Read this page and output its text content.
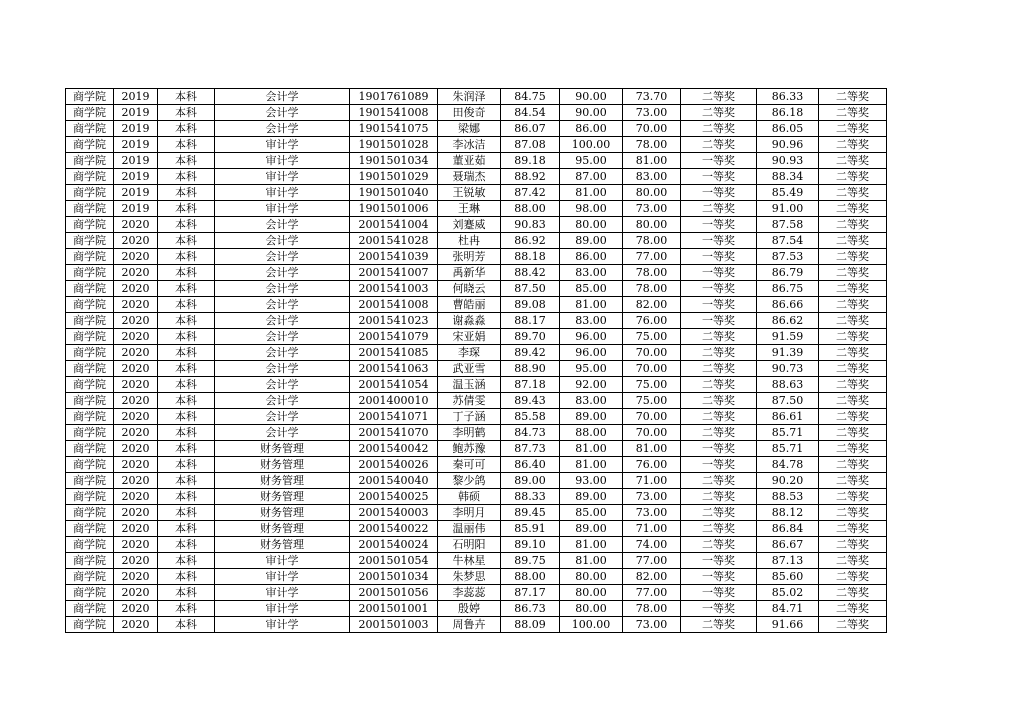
商学院	2019	本科	会计学	1901761089	朱润泽	84.75	90.00	73.70	二等奖	86.33	二等奖
商学院	2019	本科	会计学	1901541008	田俊奇	84.54	90.00	73.00	二等奖	86.18	二等奖
商学院	2019	本科	会计学	1901541075	梁娜	86.07	86.00	70.00	二等奖	86.05	二等奖
商学院	2019	本科	审计学	1901501028	李冰洁	87.08	100.00	78.00	二等奖	90.96	二等奖
商学院	2019	本科	审计学	1901501034	董亚茹	89.18	95.00	81.00	一等奖	90.93	二等奖
商学院	2019	本科	审计学	1901501029	聂瑞杰	88.92	87.00	83.00	一等奖	88.34	二等奖
商学院	2019	本科	审计学	1901501040	王锐敏	87.42	81.00	80.00	一等奖	85.49	二等奖
商学院	2019	本科	审计学	1901501006	王琳	88.00	98.00	73.00	二等奖	91.00	二等奖
商学院	2020	本科	会计学	2001541004	刘蹇威	90.83	80.00	80.00	一等奖	87.58	二等奖
商学院	2020	本科	会计学	2001541028	杜冉	86.92	89.00	78.00	一等奖	87.54	二等奖
商学院	2020	本科	会计学	2001541039	张明芳	88.18	86.00	77.00	一等奖	87.53	二等奖
商学院	2020	本科	会计学	2001541007	禹新华	88.42	83.00	78.00	一等奖	86.79	二等奖
商学院	2020	本科	会计学	2001541003	何晓云	87.50	85.00	78.00	一等奖	86.75	二等奖
商学院	2020	本科	会计学	2001541008	曹皓丽	89.08	81.00	82.00	一等奖	86.66	二等奖
商学院	2020	本科	会计学	2001541023	谢淼淼	88.17	83.00	76.00	一等奖	86.62	二等奖
商学院	2020	本科	会计学	2001541079	宋亚娟	89.70	96.00	75.00	二等奖	91.59	二等奖
商学院	2020	本科	会计学	2001541085	李琛	89.42	96.00	70.00	二等奖	91.39	二等奖
商学院	2020	本科	会计学	2001541063	武亚雪	88.90	95.00	70.00	二等奖	90.73	二等奖
商学院	2020	本科	会计学	2001541054	温玉涵	87.18	92.00	75.00	二等奖	88.63	二等奖
商学院	2020	本科	会计学	2001400010	苏倩雯	89.43	83.00	75.00	二等奖	87.50	二等奖
商学院	2020	本科	会计学	2001541071	丁子涵	85.58	89.00	70.00	二等奖	86.61	二等奖
商学院	2020	本科	会计学	2001541070	李明鹤	84.73	88.00	70.00	二等奖	85.71	二等奖
商学院	2020	本科	财务管理	2001540042	鲍苏豫	87.73	81.00	81.00	一等奖	85.71	二等奖
商学院	2020	本科	财务管理	2001540026	秦可可	86.40	81.00	76.00	一等奖	84.78	二等奖
商学院	2020	本科	财务管理	2001540040	黎少鸽	89.00	93.00	71.00	二等奖	90.20	二等奖
商学院	2020	本科	财务管理	2001540025	韩硕	88.33	89.00	73.00	二等奖	88.53	二等奖
商学院	2020	本科	财务管理	2001540003	李明月	89.45	85.00	73.00	二等奖	88.12	二等奖
商学院	2020	本科	财务管理	2001540022	温丽伟	85.91	89.00	71.00	二等奖	86.84	二等奖
商学院	2020	本科	财务管理	2001540024	石明阳	89.10	81.00	74.00	二等奖	86.67	二等奖
商学院	2020	本科	审计学	2001501054	牛林星	89.75	81.00	77.00	一等奖	87.13	二等奖
商学院	2020	本科	审计学	2001501034	朱梦思	88.00	80.00	82.00	一等奖	85.60	二等奖
商学院	2020	本科	审计学	2001501056	李蕊蕊	87.17	80.00	77.00	一等奖	85.02	二等奖
商学院	2020	本科	审计学	2001501001	殷婷	86.73	80.00	78.00	一等奖	84.71	二等奖
商学院	2020	本科	审计学	2001501003	周鲁卉	88.09	100.00	73.00	二等奖	91.66	二等奖
